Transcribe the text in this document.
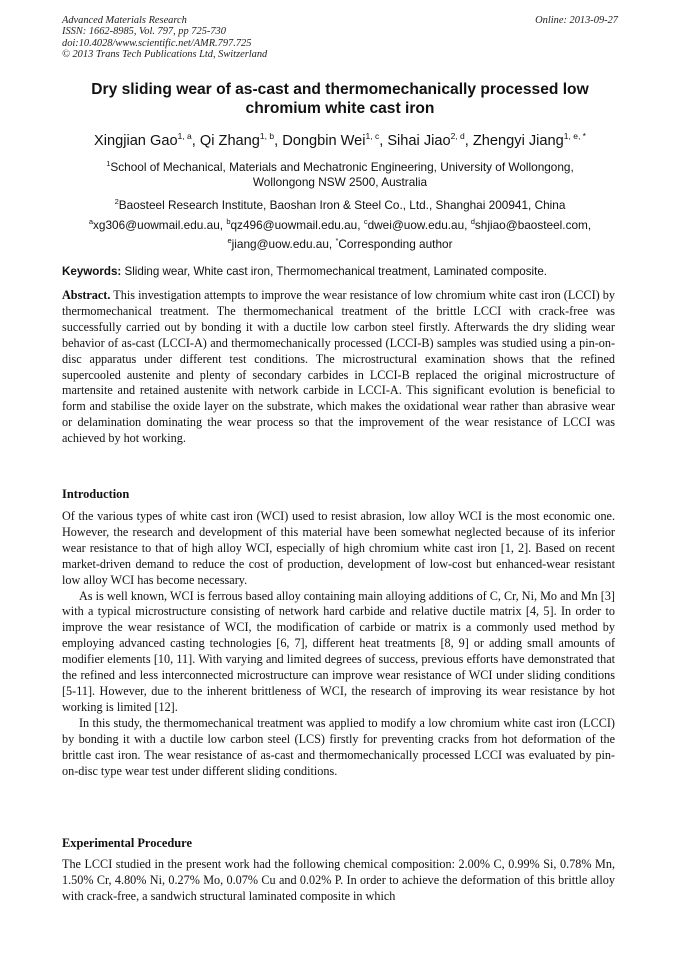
Advanced Materials Research
ISSN: 1662-8985, Vol. 797, pp 725-730
doi:10.4028/www.scientific.net/AMR.797.725
© 2013 Trans Tech Publications Ltd, Switzerland
Online: 2013-09-27
Dry sliding wear of as-cast and thermomechanically processed low
chromium white cast iron
Xingjian Gao$^{1, a}$, Qi Zhang$^{1, b}$, Dongbin Wei$^{1, c}$, Sihai Jiao$^{2, d}$, Zhengyi Jiang$^{1, e, *}$
$^1$School of Mechanical, Materials and Mechatronic Engineering, University of Wollongong,
Wollongong NSW 2500, Australia
$^2$Baosteel Research Institute, Baoshan Iron & Steel Co., Ltd., Shanghai 200941, China
$^a$xg306@uowmail.edu.au, $^b$qz496@uowmail.edu.au, $^c$dwei@uow.edu.au, $^d$shjiao@baosteel.com,
$^e$jiang@uow.edu.au, *Corresponding author
Keywords: Sliding wear, White cast iron, Thermomechanical treatment, Laminated composite.
Abstract. This investigation attempts to improve the wear resistance of low chromium white cast iron (LCCI) by thermomechanical treatment. The thermomechanical treatment of the brittle LCCI with crack-free was successfully carried out by bonding it with a ductile low carbon steel firstly. Afterwards the dry sliding wear behavior of as-cast (LCCI-A) and thermomechanically processed (LCCI-B) samples was studied using a pin-on-disc apparatus under different test conditions. The microstructural examination shows that the refined supercooled austenite and plenty of secondary carbides in LCCI-B replaced the original microstructure of martensite and retained austenite with network carbide in LCCI-A. This significant evolution is beneficial to form and stabilise the oxide layer on the substrate, which makes the oxidational wear rather than abrasive wear or delamination dominating the wear process so that the improvement of the wear resistance of LCCI was achieved by hot working.
Introduction

Of the various types of white cast iron (WCI) used to resist abrasion, low alloy WCI is the most economic one. However, the research and development of this material have been somewhat neglected because of its inferior wear resistance to that of high alloy WCI, especially of high chromium white cast iron [1, 2]. Based on recent market-driven demand to reduce the cost of production, development of low-cost but enhanced-wear resistant low alloy WCI has become necessary.

As is well known, WCI is ferrous based alloy containing main alloying additions of C, Cr, Ni, Mo and Mn [3] with a typical microstructure consisting of network hard carbide and relative ductile matrix [4, 5]. In order to improve the wear resistance of WCI, the modification of carbide or matrix is a commonly used method by employing advanced casting technologies [6, 7], different heat treatments [8, 9] or adding small amounts of modifier elements [10, 11]. With varying and limited degrees of success, previous efforts have demonstrated that the refined and less interconnected microstructure can improve wear resistance of WCI under sliding conditions [5-11]. However, due to the inherent brittleness of WCI, the research of improving its wear resistance by hot working is limited [12].

In this study, the thermomechanical treatment was applied to modify a low chromium white cast iron (LCCI) by bonding it with a ductile low carbon steel (LCS) firstly for preventing cracks from hot deformation of the brittle cast iron. The wear resistance of as-cast and thermomechanically processed LCCI was evaluated by pin-on-disc type wear test under different sliding conditions.

Experimental Procedure
The LCCI studied in the present work had the following chemical composition: 2.00% C, 0.99% Si, 0.78% Mn, 1.50% Cr, 4.80% Ni, 0.27% Mo, 0.07% Cu and 0.02% P. In order to achieve the deformation of this brittle alloy with crack-free, a sandwich structural laminated composite in which
